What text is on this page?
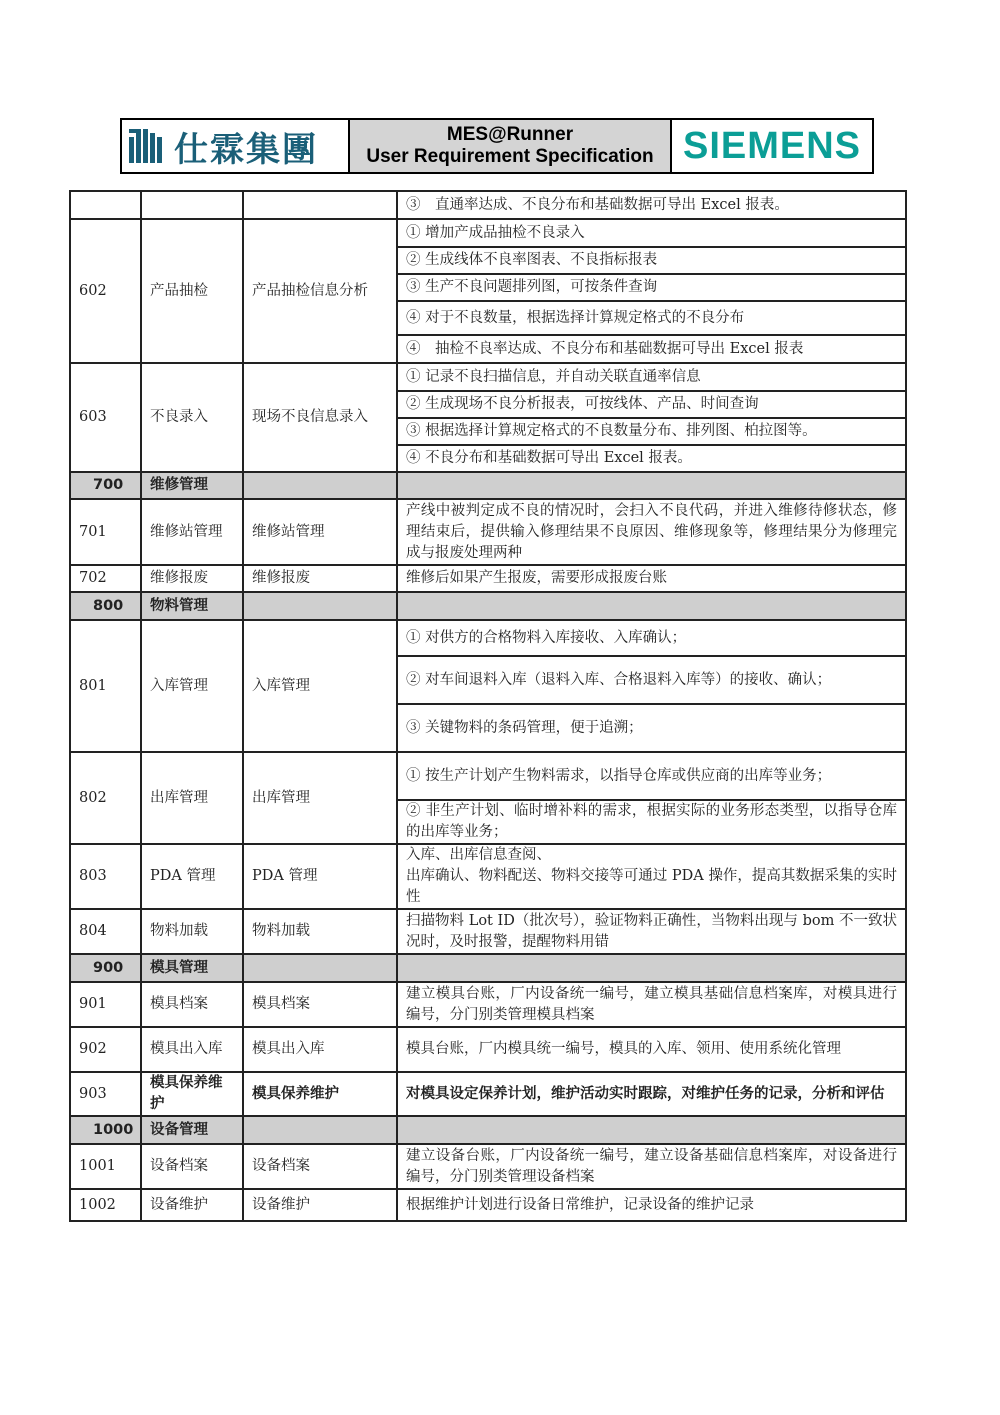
仕霖集團	MES@Runner
User Requirement Specification SIEMENS
			③　直通率达成、不良分布和基础数据可导出 Excel 报表。
602	产品抽检	产品抽检信息分析	① 增加产成品抽检不良录入
			② 生成线体不良率图表、不良指标报表
			③ 生产不良问题排列图，可按条件查询
			④ 对于不良数量，根据选择计算规定格式的不良分布
			④　抽检不良率达成、不良分布和基础数据可导出 Excel 报表
603	不良录入	现场不良信息录入	① 记录不良扫描信息，并自动关联直通率信息
			② 生成现场不良分析报表，可按线体、产品、时间查询
			③ 根据选择计算规定格式的不良数量分布、排列图、柏拉图等。
			④ 不良分布和基础数据可导出 Excel 报表。
700	维修管理		
701	维修站管理	维修站管理	产线中被判定成不良的情况时，会扫入不良代码，并进入维修待修状态，修理结束后，提供输入修理结果不良原因、维修现象等，修理结果分为修理完成与报废处理两种
702	维修报废	维修报废	维修后如果产生报废，需要形成报废台账
800	物料管理		
801	入库管理	入库管理	① 对供方的合格物料入库接收、入库确认；
			② 对车间退料入库（退料入库、合格退料入库等）的接收、确认；
			③ 关键物料的条码管理，便于追溯；
802	出库管理	出库管理	① 按生产计划产生物料需求，以指导仓库或供应商的出库等业务；
			② 非生产计划、临时增补料的需求，根据实际的业务形态类型，以指导仓库的出库等业务；
803	PDA 管理	PDA 管理	入库、出库信息查阅、
出库确认、物料配送、物料交接等可通过 PDA 操作，提高其数据采集的实时性

804	物料加载	物料加载	扫描物料 Lot ID（批次号），验证物料正确性，当物料出现与 bom 不一致状况时，及时报警，提醒物料用错
900	模具管理		
901	模具档案	模具档案	建立模具台账，厂内设备统一编号，建立模具基础信息档案库，对模具进行编号，分门别类管理模具档案
902	模具出入库	模具出入库	模具台账，厂内模具统一编号，模具的入库、领用、使用系统化管理
903	模具保养维护	模具保养维护	对模具设定保养计划，维护活动实时跟踪，对维护任务的记录，分析和评估
1000	设备管理		
1001	设备档案	设备档案	建立设备台账，厂内设备统一编号，建立设备基础信息档案库，对设备进行编号，分门别类管理设备档案
1002	设备维护	设备维护	根据维护计划进行设备日常维护，记录设备的维护记录
